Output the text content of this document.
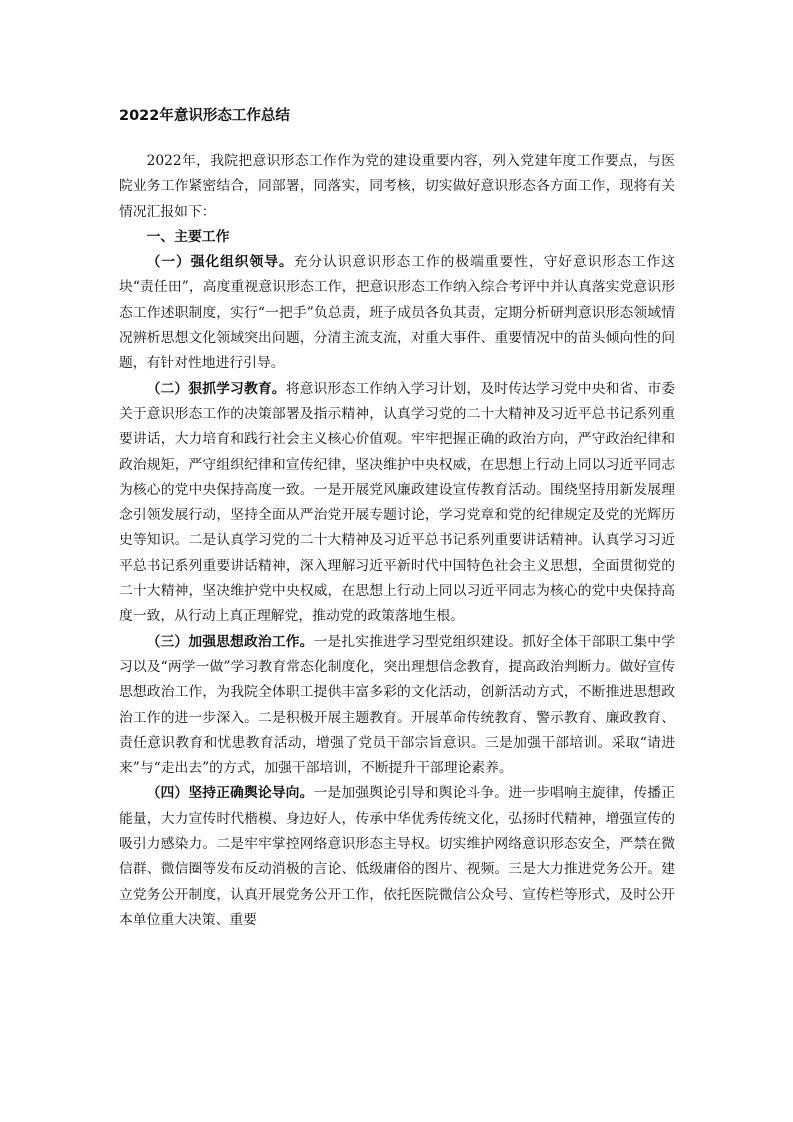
2022年意识形态工作总结

2022年，我院把意识形态工作作为党的建设重要内容，列入党建年度工作要点，与医院业务工作紧密结合，同部署，同落实，同考核，切实做好意识形态各方面工作，现将有关情况汇报如下：

一、主要工作

（一）强化组织领导。充分认识意识形态工作的极端重要性，守好意识形态工作这块“责任田”，高度重视意识形态工作，把意识形态工作纳入综合考评中并认真落实党意识形态工作述职制度，实行“一把手”负总责，班子成员各负其责，定期分析研判意识形态领域情况辨析思想文化领域突出问题，分清主流支流，对重大事件、重要情况中的苗头倾向性的问题，有针对性地进行引导。

（二）狠抓学习教育。将意识形态工作纳入学习计划，及时传达学习党中央和省、市委关于意识形态工作的决策部署及指示精神，认真学习党的二十大精神及习近平总书记系列重要讲话，大力培育和践行社会主义核心价值观。牢牢把握正确的政治方向，严守政治纪律和政治规矩，严守组织纪律和宣传纪律，坚决维护中央权威，在思想上行动上同以习近平同志为核心的党中央保持高度一致。一是开展党风廉政建设宣传教育活动。围绕坚持用新发展理念引领发展行动，坚持全面从严治党开展专题讨论，学习党章和党的纪律规定及党的光辉历史等知识。二是认真学习党的二十大精神及习近平总书记系列重要讲话精神。认真学习习近平总书记系列重要讲话精神，深入理解习近平新时代中国特色社会主义思想，全面贯彻党的二十大精神，坚决维护党中央权威，在思想上行动上同以习近平同志为核心的党中央保持高度一致，从行动上真正理解党，推动党的政策落地生根。

（三）加强思想政治工作。一是扎实推进学习型党组织建设。抓好全体干部职工集中学习以及“两学一做”学习教育常态化制度化，突出理想信念教育，提高政治判断力。做好宣传思想政治工作，为我院全体职工提供丰富多彩的文化活动，创新活动方式，不断推进思想政治工作的进一步深入。二是积极开展主题教育。开展革命传统教育、警示教育、廉政教育、责任意识教育和忧患教育活动，增强了党员干部宗旨意识。三是加强干部培训。采取“请进来”与“走出去”的方式，加强干部培训，不断提升干部理论素养。

（四）坚持正确舆论导向。一是加强舆论引导和舆论斗争。进一步唱响主旋律，传播正能量，大力宣传时代楷模、身边好人，传承中华优秀传统文化，弘扬时代精神，增强宣传的吸引力感染力。二是牢牢掌控网络意识形态主导权。切实维护网络意识形态安全，严禁在微信群、微信圈等发布反动消极的言论、低级庸俗的图片、视频。三是大力推进党务公开。建立党务公开制度，认真开展党务公开工作，依托医院微信公众号、宣传栏等形式，及时公开本单位重大决策、重要
